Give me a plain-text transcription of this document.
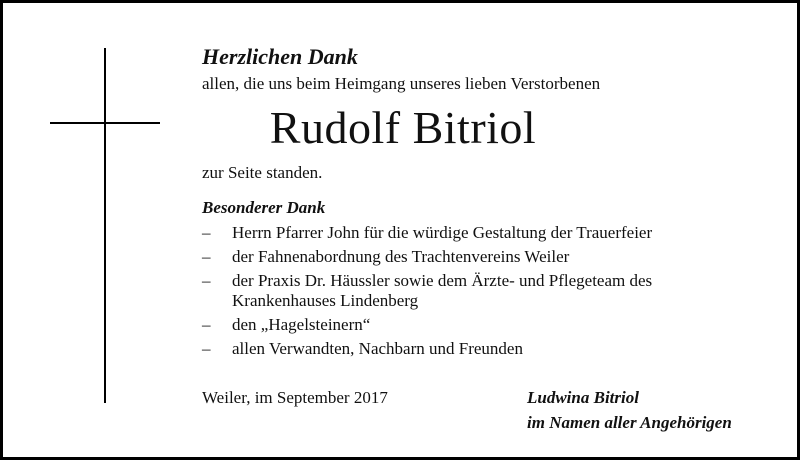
Herzlichen Dank
allen, die uns beim Heimgang unseres lieben Verstorbenen
Rudolf Bitriol
zur Seite standen.
Besonderer Dank
– Herrn Pfarrer John für die würdige Gestaltung der Trauerfeier
– der Fahnenabordnung des Trachtenvereins Weiler
– der Praxis Dr. Häussler sowie dem Ärzte- und Pflegeteam des
Krankenhauses Lindenberg
– den „Hagelsteinern“
– allen Verwandten, Nachbarn und Freunden
Weiler, im September 2017	Ludwina Bitriol
im Namen aller Angehörigen
